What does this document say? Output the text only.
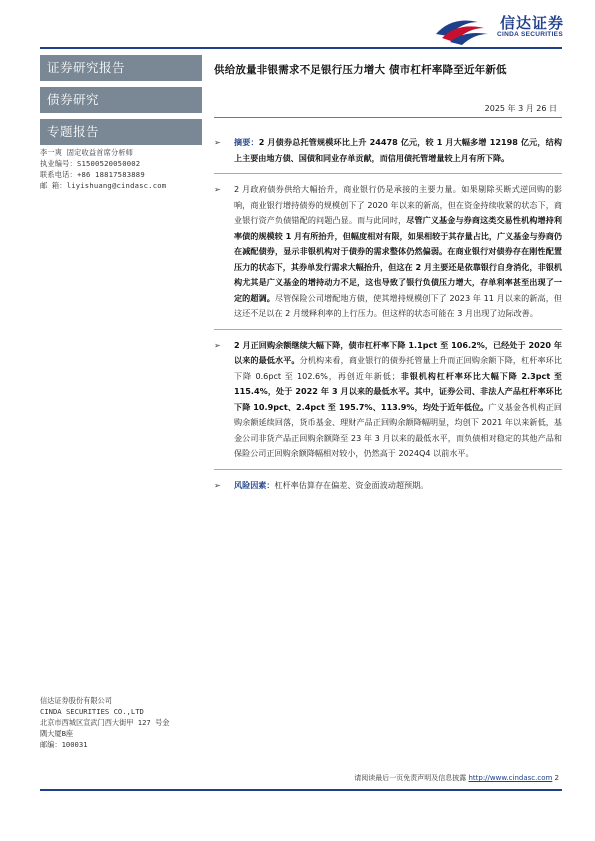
信达证券
CINDA SECURITIES
证券研究报告
债券研究
专题报告
李一爽 固定收益首席分析师
执业编号：S1500520050002
联系电话：+86 18817583889
邮 箱：liyishuang@cindasc.com
信达证券股份有限公司
CINDA SECURITIES CO.,LTD
北京市西城区宣武门西大街甲 127 号金
隅大厦B座
邮编：100031
供给放量非银需求不足银行压力增大 债市杠杆率降至近年新低
2025 年 3 月 26 日
➢ 摘要：2 月债券总托管规模环比上升 24478 亿元，较 1 月大幅多增 12198 亿元，结构上主要由地方债、国债和同业存单贡献，而信用债托管增量较上月有所下降。
➢ 2 月政府债券供给大幅抬升，商业银行仍是承接的主要力量。如果剔除买断式逆回购的影响，商业银行增持债券的规模创下了 2020 年以来的新高，但在资金持续收紧的状态下，商业银行资产负债错配的问题凸显。而与此同时，尽管广义基金与券商这类交易性机构增持利率债的规模较 1 月有所抬升，但幅度相对有限，如果相较于其存量占比，广义基金与券商仍在减配债券，显示非银机构对于债券的需求整体仍然偏弱。在商业银行对债券存在刚性配置压力的状态下，其券单发行需求大幅抬升，但这在 2 月主要还是依靠银行自身消化，非银机构尤其是广义基金的增持动力不足，这也导致了银行负债压力增大，存单利率甚至出现了一定的超调。尽管保险公司增配地方债，使其增持规模创下了 2023 年 11 月以来的新高，但这还不足以在 2 月缓释利率的上行压力。但这样的状态可能在 3 月出现了边际改善。
➢ 2 月正回购余额继续大幅下降，债市杠杆率下降 1.1pct 至 106.2%，已经处于 2020 年以来的最低水平。分机构来看，商业银行的债券托管量上升而正回购余额下降，杠杆率环比下降 0.6pct 至 102.6%，再创近年新低；非银机构杠杆率环比大幅下降 2.3pct 至 115.4%，处于 2022 年 3 月以来的最低水平。其中，证券公司、非法人产品杠杆率环比下降 10.9pct、2.4pct 至 195.7%、113.9%，均处于近年低位。广义基金各机构正回购余额延续回落，货币基金、理财产品正回购余额降幅明显，均创下 2021 年以来新低，基金公司非货产品正回购余额降至 23 年 3 月以来的最低水平，而负债相对稳定的其他产品和保险公司正回购余额降幅相对较小，仍然高于 2024Q4 以前水平。
➢ 风险因素：杠杆率估算存在偏差、资金面波动超预期。
请阅读最后一页免责声明及信息披露 http://www.cindasc.com 2
